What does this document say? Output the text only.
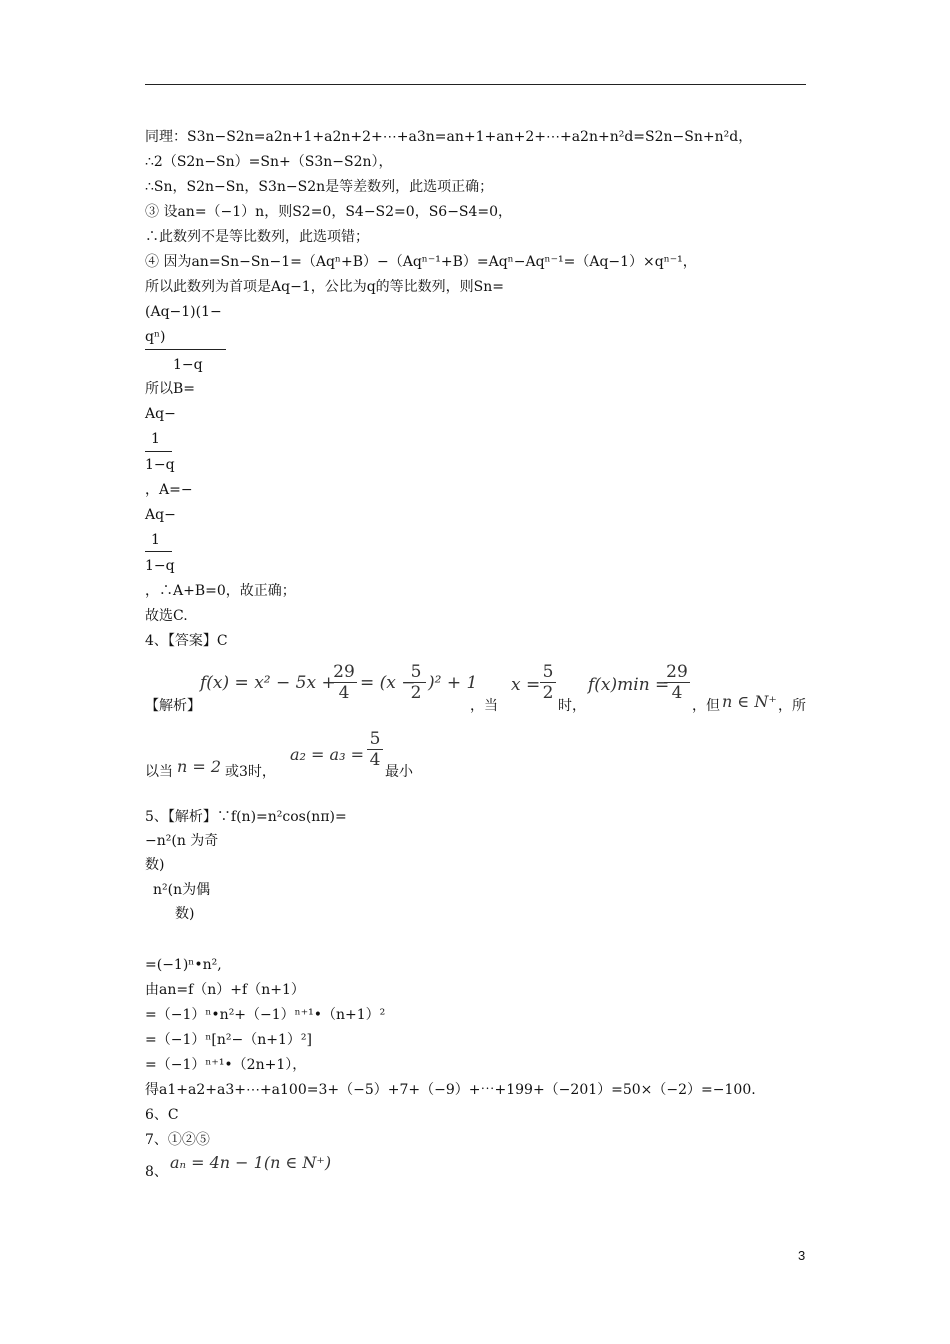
同理：S3n−S2n=a2n+1+a2n+2+⋯+a3n=an+1+an+2+⋯+a2n+n²d=S2n−Sn+n²d，
∴2（S2n−Sn）=Sn+（S3n−S2n），
∴Sn，S2n−Sn，S3n−S2n是等差数列，此选项正确；
③ 设an=（−1）n，则S2=0，S4−S2=0，S6−S4=0，
∴此数列不是等比数列，此选项错；
④ 因为an=Sn−Sn−1=（Aqⁿ+B）−（Aqⁿ⁻¹+B）=Aqⁿ−Aqⁿ⁻¹=（Aq−1）×qⁿ⁻¹，
所以此数列为首项是Aq−1，公比为q的等比数列，则Sn=
(Aq−1)(1−
qⁿ)
1−q
所以B=
Aq−
1
1−q
，A=−
Aq−
1
1−q
，∴A+B=0，故正确；
故选C.
4、【答案】C
【解析】
f(x) = x² − 5x +
$\frac{29}{4} = (x$ −
$\frac{5}{2} )^2 + 1$
，当
$x = \frac{5}{2}$
时，
f(x)min =
$\frac{29}{4}$
，但 n ∈ N⁺ ，所
以当 n = 2 或3时，
$a_2 = a_3 = \frac{5}{4}$
最小
5、【解析】∵f(n)=n²cos(nπ)=
−n²(n 为奇
数)
n²(n为偶
数)
=(−1)ⁿ•n²,
由an=f（n）+f（n+1）
=（−1）ⁿ•n²+（−1）ⁿ⁺¹•（n+1）²
=（−1）ⁿ[n²−（n+1）²]
=（−1）ⁿ⁺¹•（2n+1），
得a1+a2+a3+⋯+a100=3+（−5）+7+（−9）+⋯+199+（−201）=50×（−2）=−100.
6、C
7、①②⑤
8、 aₙ = 4n − 1(n ∈ N⁺)
3
